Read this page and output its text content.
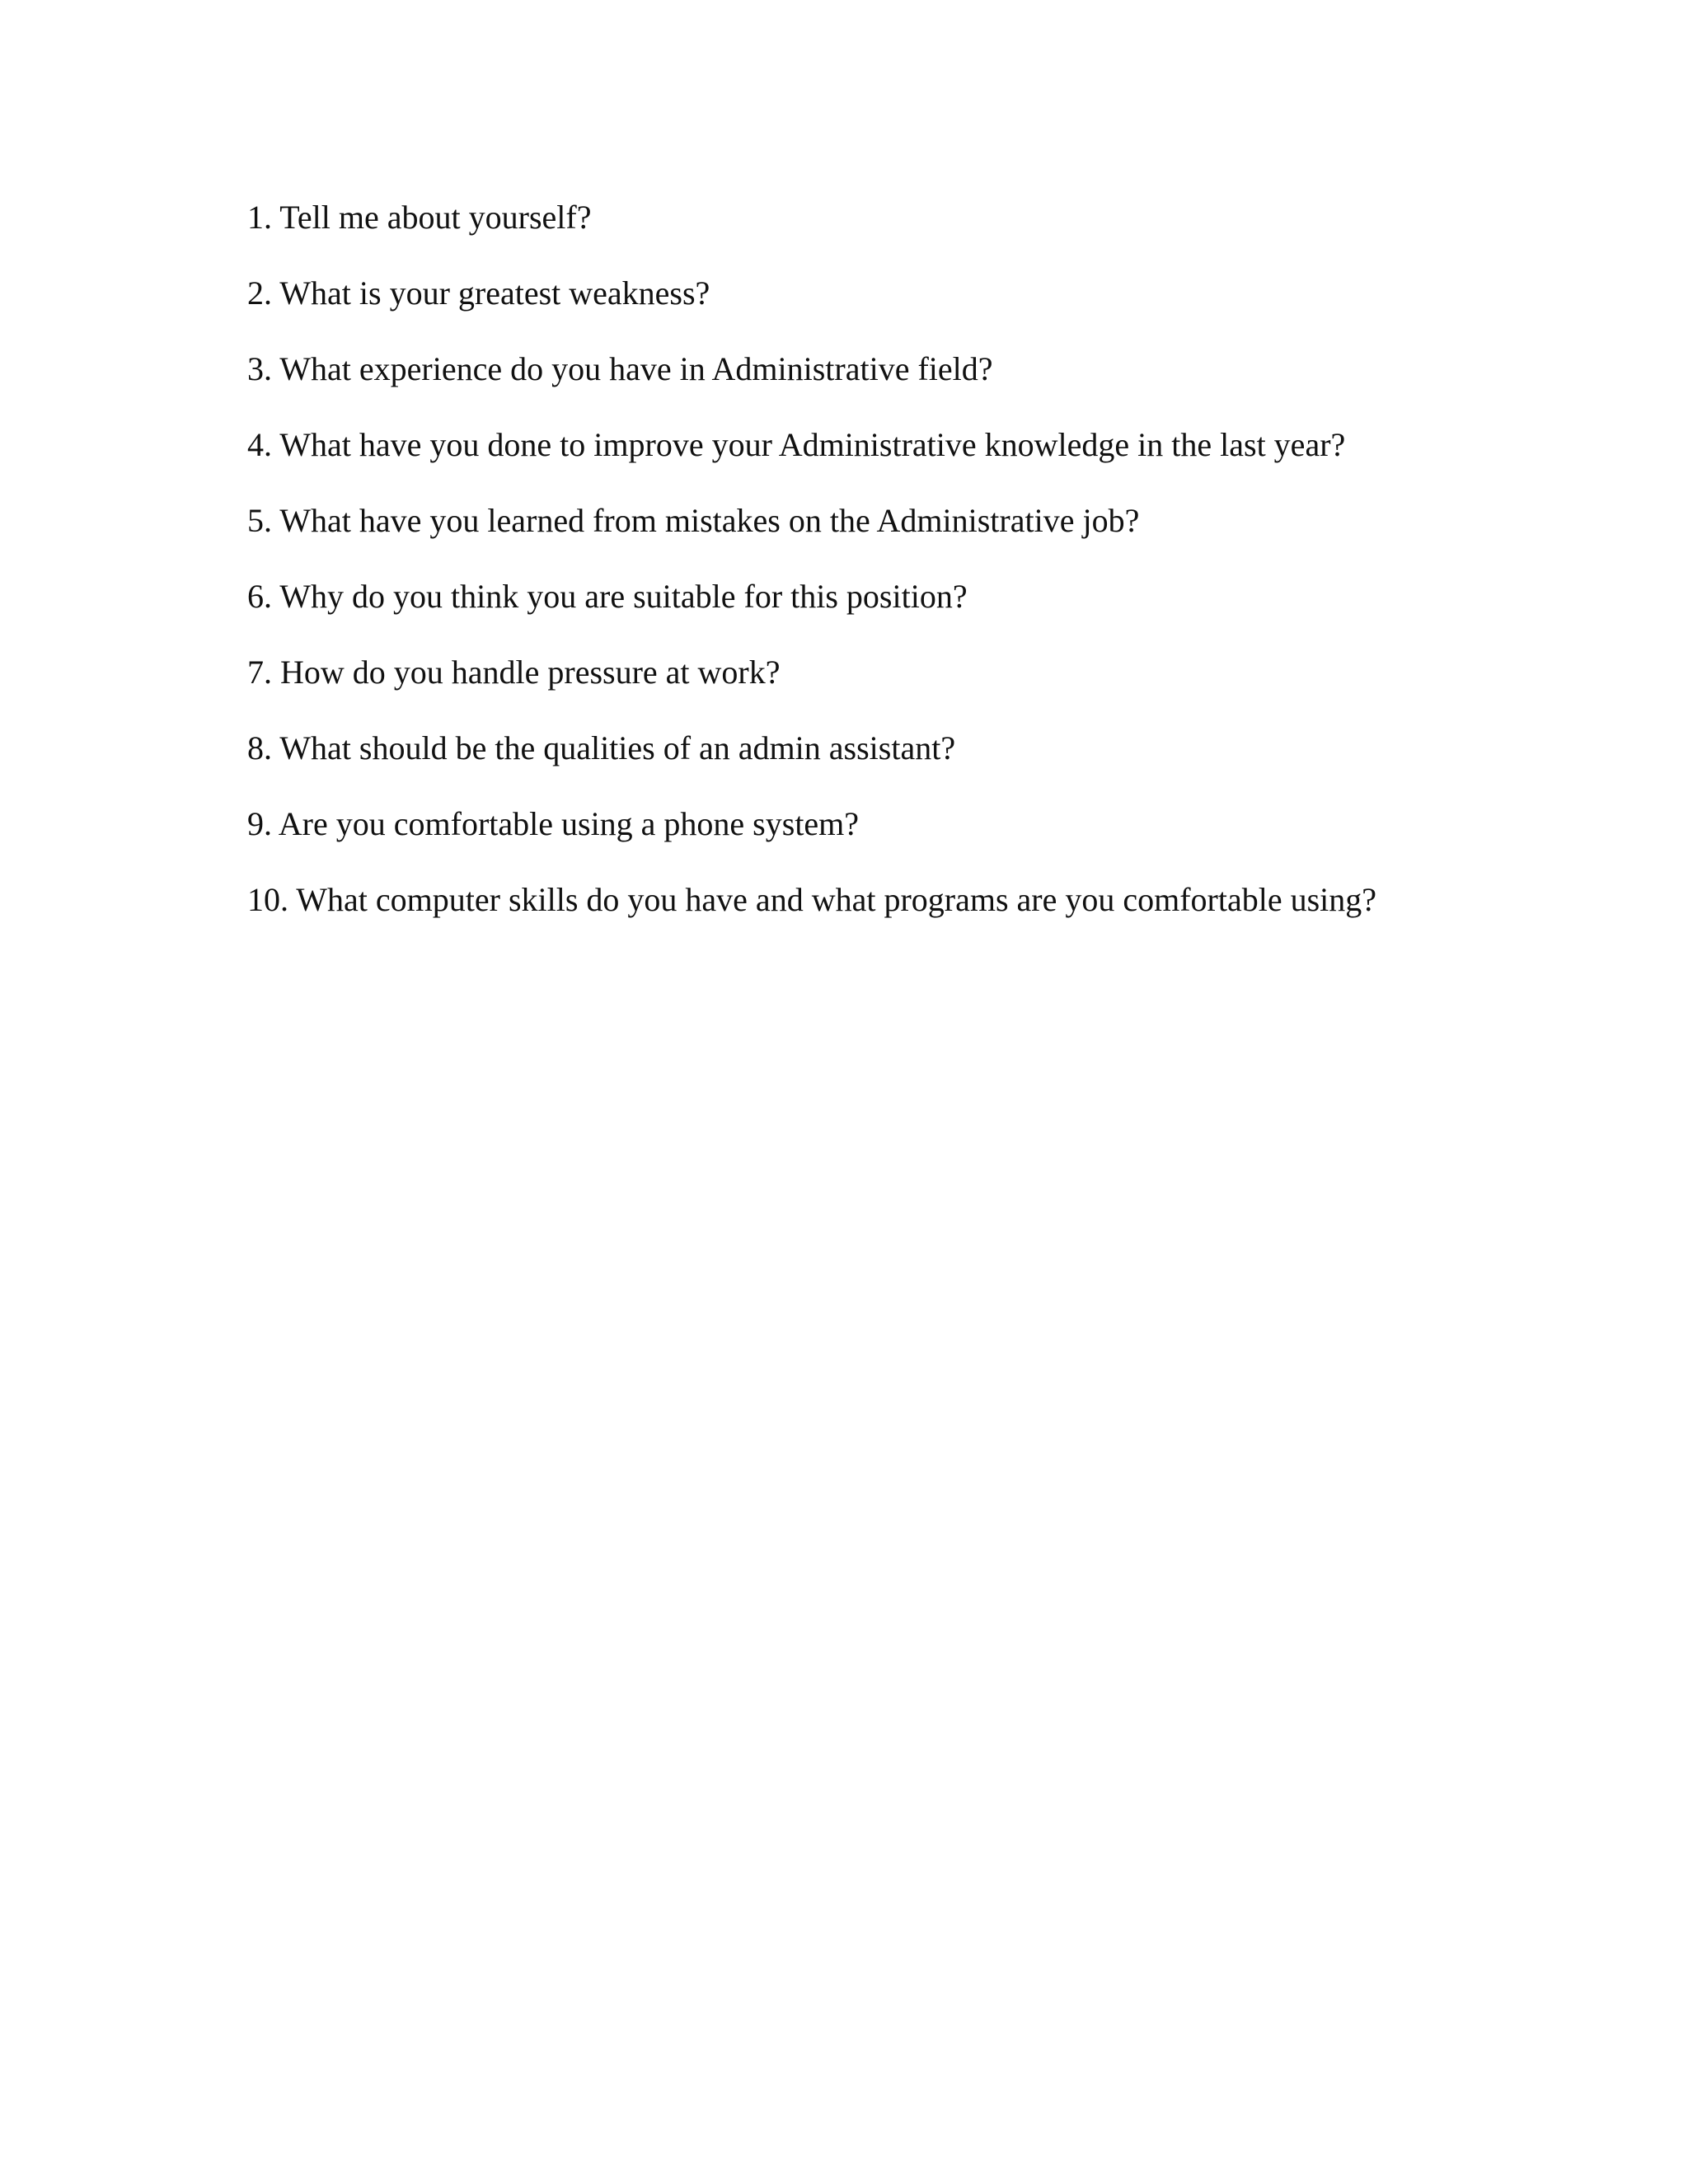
1. Tell me about yourself?
2. What is your greatest weakness?
3. What experience do you have in Administrative field?
4. What have you done to improve your Administrative knowledge in the last year?
5. What have you learned from mistakes on the Administrative job?
6. Why do you think you are suitable for this position?
7. How do you handle pressure at work?
8. What should be the qualities of an admin assistant?
9. Are you comfortable using a phone system?
10. What computer skills do you have and what programs are you comfortable using?
